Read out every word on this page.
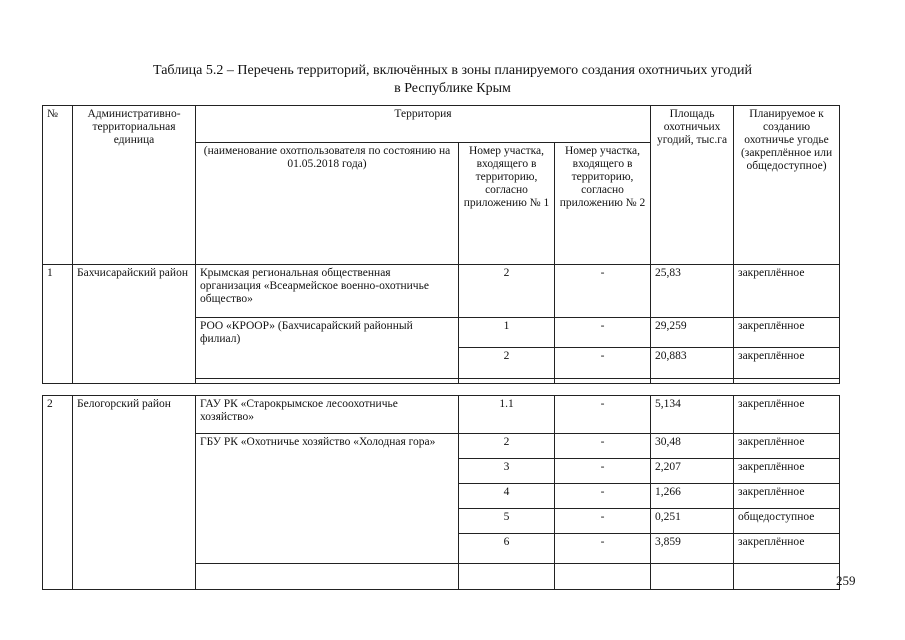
Таблица 5.2 – Перечень территорий, включённых в зоны планируемого создания охотничьих угодий
в Республике Крым
№	Административно-территориальная единица	Территория			Площадь охотничьих угодий, тыс.га	Планируемое к созданию охотничье угодье (закреплённое или общедоступное)
		(наименование охотпользователя по состоянию на 01.05.2018 года)	Номер участка, входящего в территорию, согласно приложению № 1	Номер участка, входящего в территорию, согласно приложению № 2		
1	Бахчисарайский район	Крымская региональная общественная организация «Всеармейское военно-охотничье общество»	2	-	25,83	закреплённое
		РОО «КРООР» (Бахчисарайский районный филиал)	1	-	29,259	закреплённое
			2	-	20,883	закреплённое

2	Белогорский район	ГАУ РК «Старокрымское лесоохотничье хозяйство»	1.1	-	5,134	закреплённое
		ГБУ РК «Охотничье хозяйство «Холодная гора»	2	-	30,48	закреплённое
			3	-	2,207	закреплённое
			4	-	1,266	закреплённое
			5	-	0,251	общедоступное
			6	-	3,859	закреплённое

259
